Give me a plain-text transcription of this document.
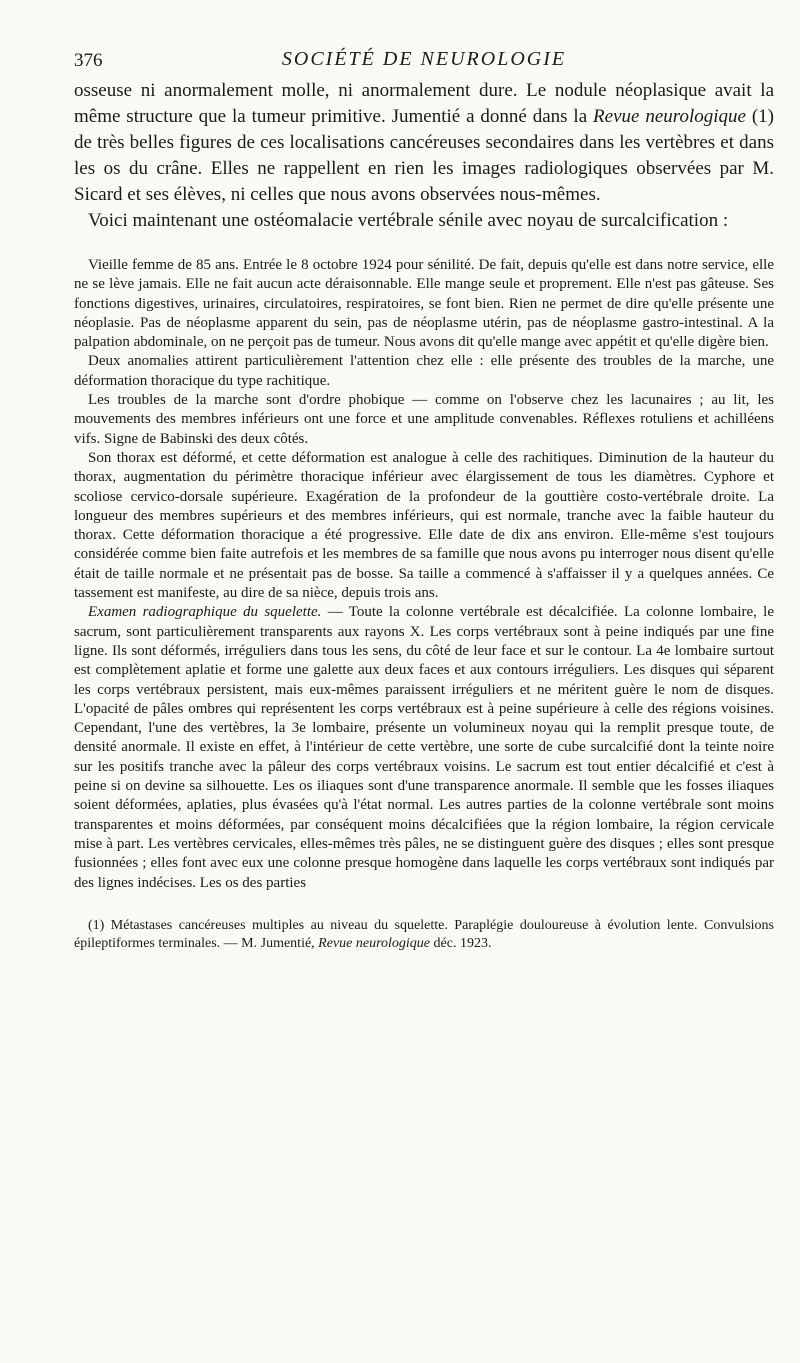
376	SOCIÉTÉ DE NEUROLOGIE

osseuse ni anormalement molle, ni anormalement dure. Le nodule néoplasique avait la même structure que la tumeur primitive. Jumentié a donné dans la Revue neurologique (1) de très belles figures de ces localisations cancéreuses secondaires dans les vertèbres et dans les os du crâne. Elles ne rappellent en rien les images radiologiques observées par M. Sicard et ses élèves, ni celles que nous avons observées nous-mêmes.

Voici maintenant une ostéomalacie vertébrale sénile avec noyau de surcalcification :

Vieille femme de 85 ans. Entrée le 8 octobre 1924 pour sénilité. De fait, depuis qu'elle est dans notre service, elle ne se lève jamais. Elle ne fait aucun acte déraisonnable. Elle mange seule et proprement. Elle n'est pas gâteuse. Ses fonctions digestives, urinaires, circulatoires, respiratoires, se font bien. Rien ne permet de dire qu'elle présente une néoplasie. Pas de néoplasme apparent du sein, pas de néoplasme utérin, pas de néoplasme gastro-intestinal. A la palpation abdominale, on ne perçoit pas de tumeur. Nous avons dit qu'elle mange avec appétit et qu'elle digère bien.

Deux anomalies attirent particulièrement l'attention chez elle : elle présente des troubles de la marche, une déformation thoracique du type rachitique.

Les troubles de la marche sont d'ordre phobique — comme on l'observe chez les lacunaires ; au lit, les mouvements des membres inférieurs ont une force et une amplitude convenables. Réflexes rotuliens et achilléens vifs. Signe de Babinski des deux côtés.

Son thorax est déformé, et cette déformation est analogue à celle des rachitiques. Diminution de la hauteur du thorax, augmentation du périmètre thoracique inférieur avec élargissement de tous les diamètres. Cyphore et scoliose cervico-dorsale supérieure. Exagération de la profondeur de la gouttière costo-vertébrale droite. La longueur des membres supérieurs et des membres inférieurs, qui est normale, tranche avec la faible hauteur du thorax. Cette déformation thoracique a été progressive. Elle date de dix ans environ. Elle-même s'est toujours considérée comme bien faite autrefois et les membres de sa famille que nous avons pu interroger nous disent qu'elle était de taille normale et ne présentait pas de bosse. Sa taille a commencé à s'affaisser il y a quelques années. Ce tassement est manifeste, au dire de sa nièce, depuis trois ans.

Examen radiographique du squelette. — Toute la colonne vertébrale est décalcifiée. La colonne lombaire, le sacrum, sont particulièrement transparents aux rayons X. Les corps vertébraux sont à peine indiqués par une fine ligne. Ils sont déformés, irréguliers dans tous les sens, du côté de leur face et sur le contour. La 4e lombaire surtout est complètement aplatie et forme une galette aux deux faces et aux contours irréguliers. Les disques qui séparent les corps vertébraux persistent, mais eux-mêmes paraissent irréguliers et ne méritent guère le nom de disques. L'opacité de pâles ombres qui représentent les corps vertébraux est à peine supérieure à celle des régions voisines. Cependant, l'une des vertèbres, la 3e lombaire, présente un volumineux noyau qui la remplit presque toute, de densité anormale. Il existe en effet, à l'intérieur de cette vertèbre, une sorte de cube surcalcifié dont la teinte noire sur les positifs tranche avec la pâleur des corps vertébraux voisins. Le sacrum est tout entier décalcifié et c'est à peine si on devine sa silhouette. Les os iliaques sont d'une transparence anormale. Il semble que les fosses iliaques soient déformées, aplaties, plus évasées qu'à l'état normal. Les autres parties de la colonne vertébrale sont moins transparentes et moins déformées, par conséquent moins décalcifiées que la région lombaire, la région cervicale mise à part. Les vertèbres cervicales, elles-mêmes très pâles, ne se distinguent guère des disques ; elles sont presque fusionnées ; elles font avec eux une colonne presque homogène dans laquelle les corps vertébraux sont indiqués par des lignes indécises. Les os des parties

(1) Métastases cancéreuses multiples au niveau du squelette. Paraplégie douloureuse à évolution lente. Convulsions épileptiformes terminales. — M. Jumentié, Revue neurologique déc. 1923.
